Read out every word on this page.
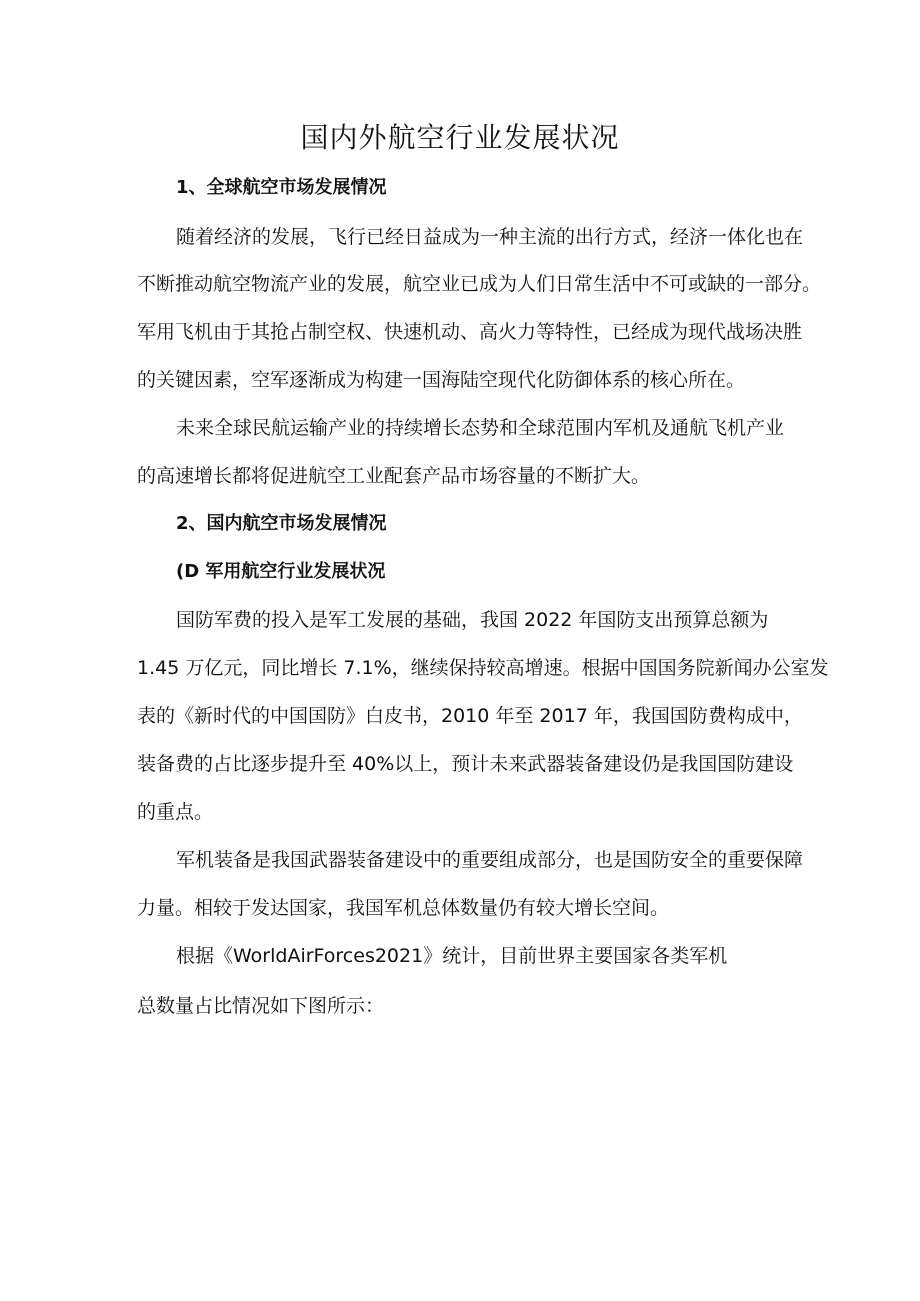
国内外航空行业发展状况
1、全球航空市场发展情况
随着经济的发展，飞行已经日益成为一种主流的出行方式，经济一体化也在
不断推动航空物流产业的发展，航空业已成为人们日常生活中不可或缺的一部分。
军用飞机由于其抢占制空权、快速机动、高火力等特性，已经成为现代战场决胜
的关键因素，空军逐渐成为构建一国海陆空现代化防御体系的核心所在。
未来全球民航运输产业的持续增长态势和全球范围内军机及通航飞机产业
的高速增长都将促进航空工业配套产品市场容量的不断扩大。
2、国内航空市场发展情况
(D 军用航空行业发展状况
国防军费的投入是军工发展的基础，我国 2022 年国防支出预算总额为
1.45 万亿元，同比增长 7.1%，继续保持较高增速。根据中国国务院新闻办公室发
表的《新时代的中国国防》白皮书，2010 年至 2017 年，我国国防费构成中，
装备费的占比逐步提升至 40%以上，预计未来武器装备建设仍是我国国防建设
的重点。
军机装备是我国武器装备建设中的重要组成部分，也是国防安全的重要保障
力量。相较于发达国家，我国军机总体数量仍有较大增长空间。
根据《WorldAirForces2021》统计，目前世界主要国家各类军机
总数量占比情况如下图所示：
